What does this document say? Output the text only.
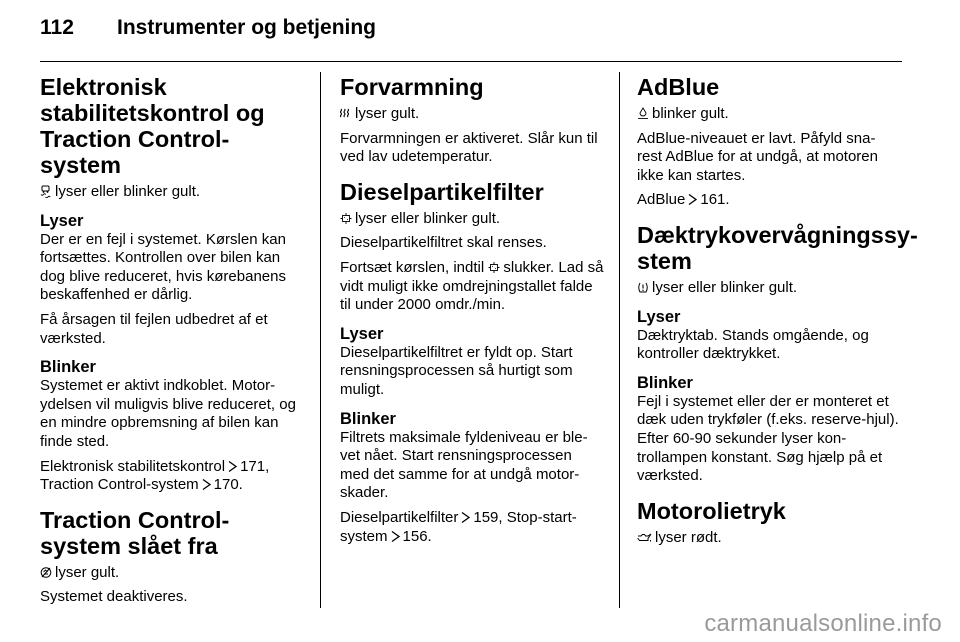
112 Instrumenter og betjening
Elektronisk stabilitetskontrol og Traction Control-system

lyser eller blinker gult.

Lyser

Der er en fejl i systemet. Kørslen kan fortsættes. Kontrollen over bilen kan dog blive reduceret, hvis kørebanens beskaffenhed er dårlig.

Få årsagen til fejlen udbedret af et værksted.

Blinker

Systemet er aktivt indkoblet. Motor-ydelsen vil muligvis blive reduceret, og en mindre opbremsning af bilen kan finde sted.

Elektronisk stabilitetskontrol 171,
Traction Control-system 170.

Traction Control-system slået fra

lyser gult.

Systemet deaktiveres.

Forvarmning

lyser gult.

Forvarmningen er aktiveret. Slår kun til ved lav udetemperatur.

Dieselpartikelfilter

lyser eller blinker gult.

Dieselpartikelfiltret skal renses.

Fortsæt kørslen, indtil slukker. Lad så vidt muligt ikke omdrejningstallet falde til under 2000 omdr./min.

Lyser

Dieselpartikelfiltret er fyldt op. Start rensningsprocessen så hurtigt som muligt.

Blinker

Filtrets maksimale fyldeniveau er ble-vet nået. Start rensningsprocessen med det samme for at undgå motor-skader.

Dieselpartikelfilter 159, Stop-start-system 156.

AdBlue

blinker gult.

AdBlue-niveauet er lavt. Påfyld sna-rest AdBlue for at undgå, at motoren ikke kan startes.

AdBlue 161.

Dæktrykovervågningssy-stem

lyser eller blinker gult.

Lyser

Dæktryktab. Stands omgående, og kontroller dæktrykket.

Blinker

Fejl i systemet eller der er monteret et dæk uden trykføler (f.eks. reserve-hjul). Efter 60-90 sekunder lyser kon-trollampen konstant. Søg hjælp på et værksted.

Motorolietryk

lyser rødt.

carmanualsonline.info
